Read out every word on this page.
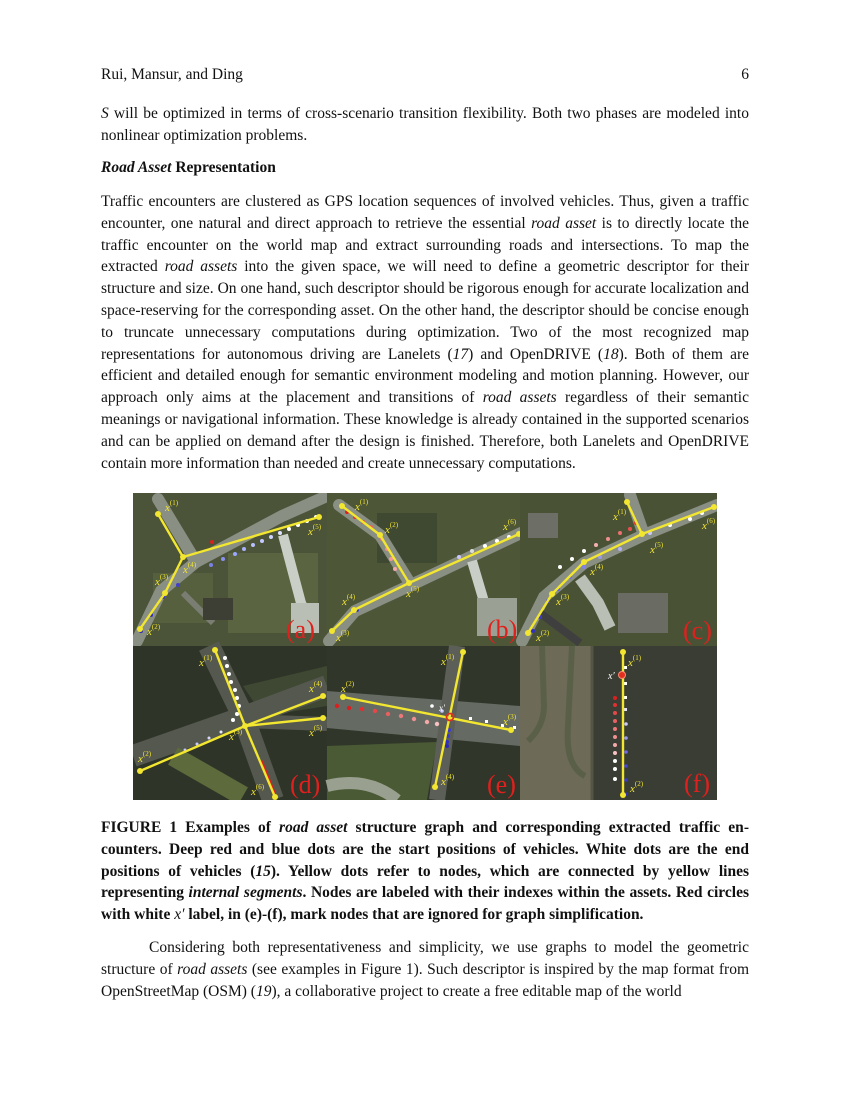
Rui, Mansur, and Ding	6
S will be optimized in terms of cross-scenario transition flexibility. Both two phases are modeled into nonlinear optimization problems.
Road Asset Representation
Traffic encounters are clustered as GPS location sequences of involved vehicles. Thus, given a traffic encounter, one natural and direct approach to retrieve the essential road asset is to directly locate the traffic encounter on the world map and extract surrounding roads and intersections. To map the extracted road assets into the given space, we will need to define a geometric descriptor for their structure and size. On one hand, such descriptor should be rigorous enough for accurate localization and space-reserving for the corresponding asset. On the other hand, the descriptor should be concise enough to truncate unnecessary computations during optimization. Two of the most recognized map representations for autonomous driving are Lanelets (17) and OpenDRIVE (18). Both of them are efficient and detailed enough for semantic environment modeling and motion planning. However, our approach only aims at the placement and transitions of road assets regardless of their semantic meanings or navigational information. These knowledge is already contained in the supported scenarios and can be applied on demand after the design is finished. Therefore, both Lanelets and OpenDRIVE contain more information than needed and create unnecessary computations.
$x^{(1)}$
$x^{(5)}$
$x^{(4)}$
$x^{(3)}$
$x^{(2)}$	(a)
$x^{(1)}$
$x^{(2)}$	$x^{(6)}$
$x^{(5)}$
$x^{(4)}$
$x^{(3)}$	(b)
$x^{(1)}$
$x^{(6)}$
$x^{(5)}$
$x^{(4)}$
$x^{(3)}$
$x^{(2)}$	(c)
$x^{(1)}$
$x^{(4)}$
$x^{(5)}$
$x^{(3)}$
$x^{(2)}$
$x^{(6)}$ (d)
$x^{(1)}$
$x^{(2)}$
$x^{(3)}$
$x^{(4)}$
x′
(e)
x′
$x^{(1)}$
$x^{(2)}$ (f)
FIGURE 1 Examples of road asset structure graph and corresponding extracted traffic encounters. Deep red and blue dots are the start positions of vehicles. White dots are the end positions of vehicles (15). Yellow dots refer to nodes, which are connected by yellow lines representing internal segments. Nodes are labeled with their indexes within the assets. Red circles with white x′ label, in (e)-(f), mark nodes that are ignored for graph simplification.
Considering both representativeness and simplicity, we use graphs to model the geometric structure of road assets (see examples in Figure 1). Such descriptor is inspired by the map format from OpenStreetMap (OSM) (19), a collaborative project to create a free editable map of the world
